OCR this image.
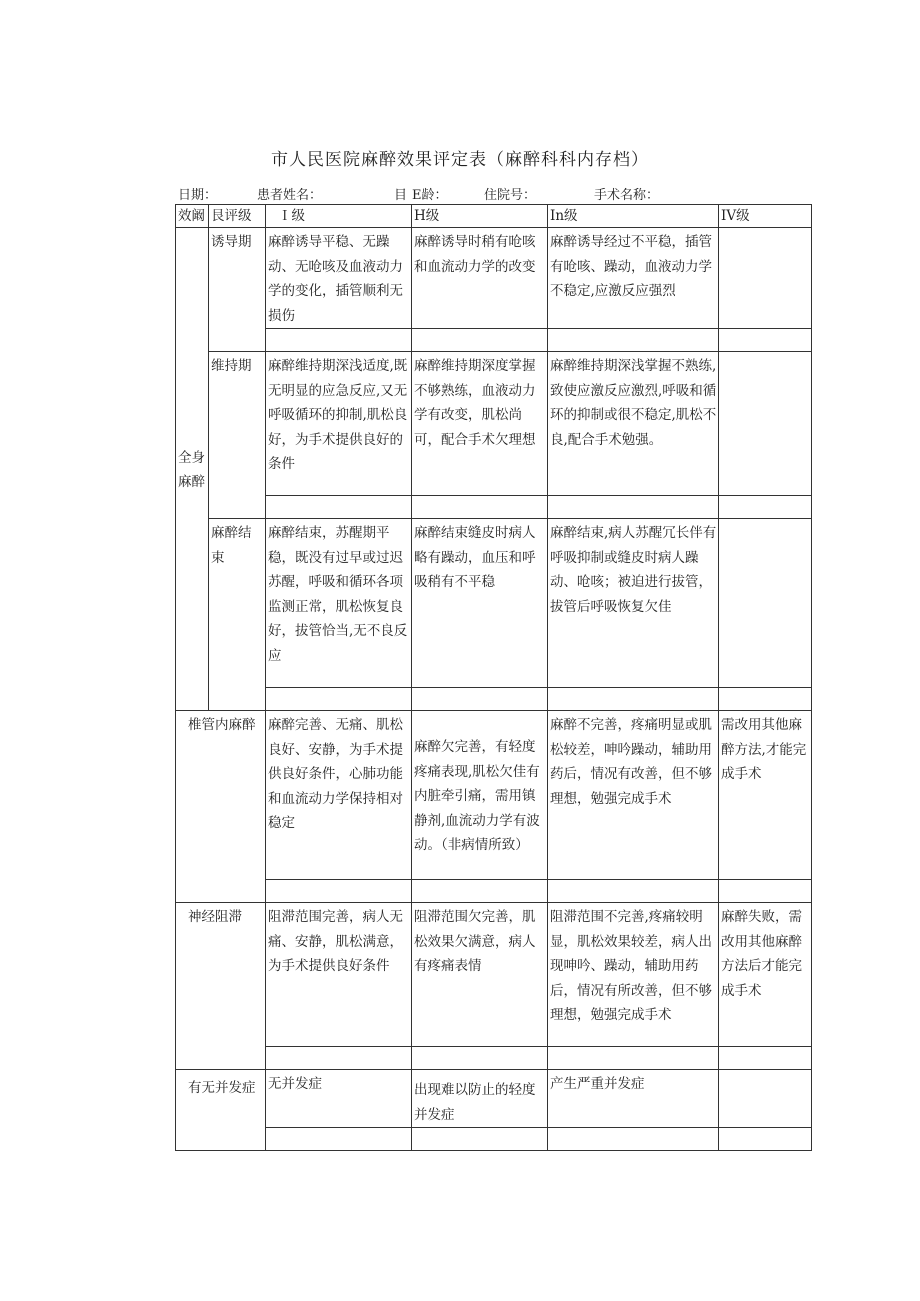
市人民医院麻醉效果评定表（麻醉科科内存档）
日期：	患者姓名：	目 E龄：	住院号：	手术名称：
效阚	艮评级	Ｉ级	H级	In级	IV级
全身麻醉	诱导期	麻醉诱导平稳、无躁动、无呛咳及血液动力学的变化，插管顺利无损伤	麻醉诱导时稍有呛咳和血流动力学的改变	麻醉诱导经过不平稳，插管有呛咳、躁动，血液动力学不稳定,应激反应强烈	

	维持期	麻醉维持期深浅适度,既无明显的应急反应,又无呼吸循环的抑制,肌松良好，为手术提供良好的条件	麻醉维持期深度掌握不够熟练，血液动力学有改变，肌松尚可，配合手术欠理想	麻醉维持期深浅掌握不熟练,致使应激反应激烈,呼吸和循环的抑制或很不稳定,肌松不良,配合手术勉强。	

	麻醉结束	麻醉结束，苏醒期平稳，既没有过早或过迟苏醒，呼吸和循环各项监测正常，肌松恢复良好，拔管恰当,无不良反应	麻醉结束缝皮时病人略有躁动，血压和呼吸稍有不平稳	麻醉结束,病人苏醒冗长伴有呼吸抑制或缝皮时病人躁动、呛咳；被迫进行拔管，拔管后呼吸恢复欠佳	

椎管内麻醉		麻醉完善、无痛、肌松良好、安静，为手术提供良好条件，心肺功能和血流动力学保持相对稳定	麻醉欠完善，有轻度疼痛表现,肌松欠佳有内脏牵引痛，需用镇静剂,血流动力学有波动。（非病情所致）	麻醉不完善，疼痛明显或肌松较差，呻吟躁动，辅助用药后，情况有改善，但不够理想，勉强完成手术	需改用其他麻醉方法,才能完成手术

神经阻滞		阻滞范围完善，病人无痛、安静，肌松满意，为手术提供良好条件	阻滞范围欠完善，肌松效果欠满意，病人有疼痛表情	阻滞范围不完善,疼痛较明显，肌松效果较差，病人出现呻吟、躁动，辅助用药后，情况有所改善，但不够理想，勉强完成手术	麻醉失败，需改用其他麻醉方法后才能完成手术

有无并发症		无并发症	出现难以防止的轻度并发症	产生严重并发症	
